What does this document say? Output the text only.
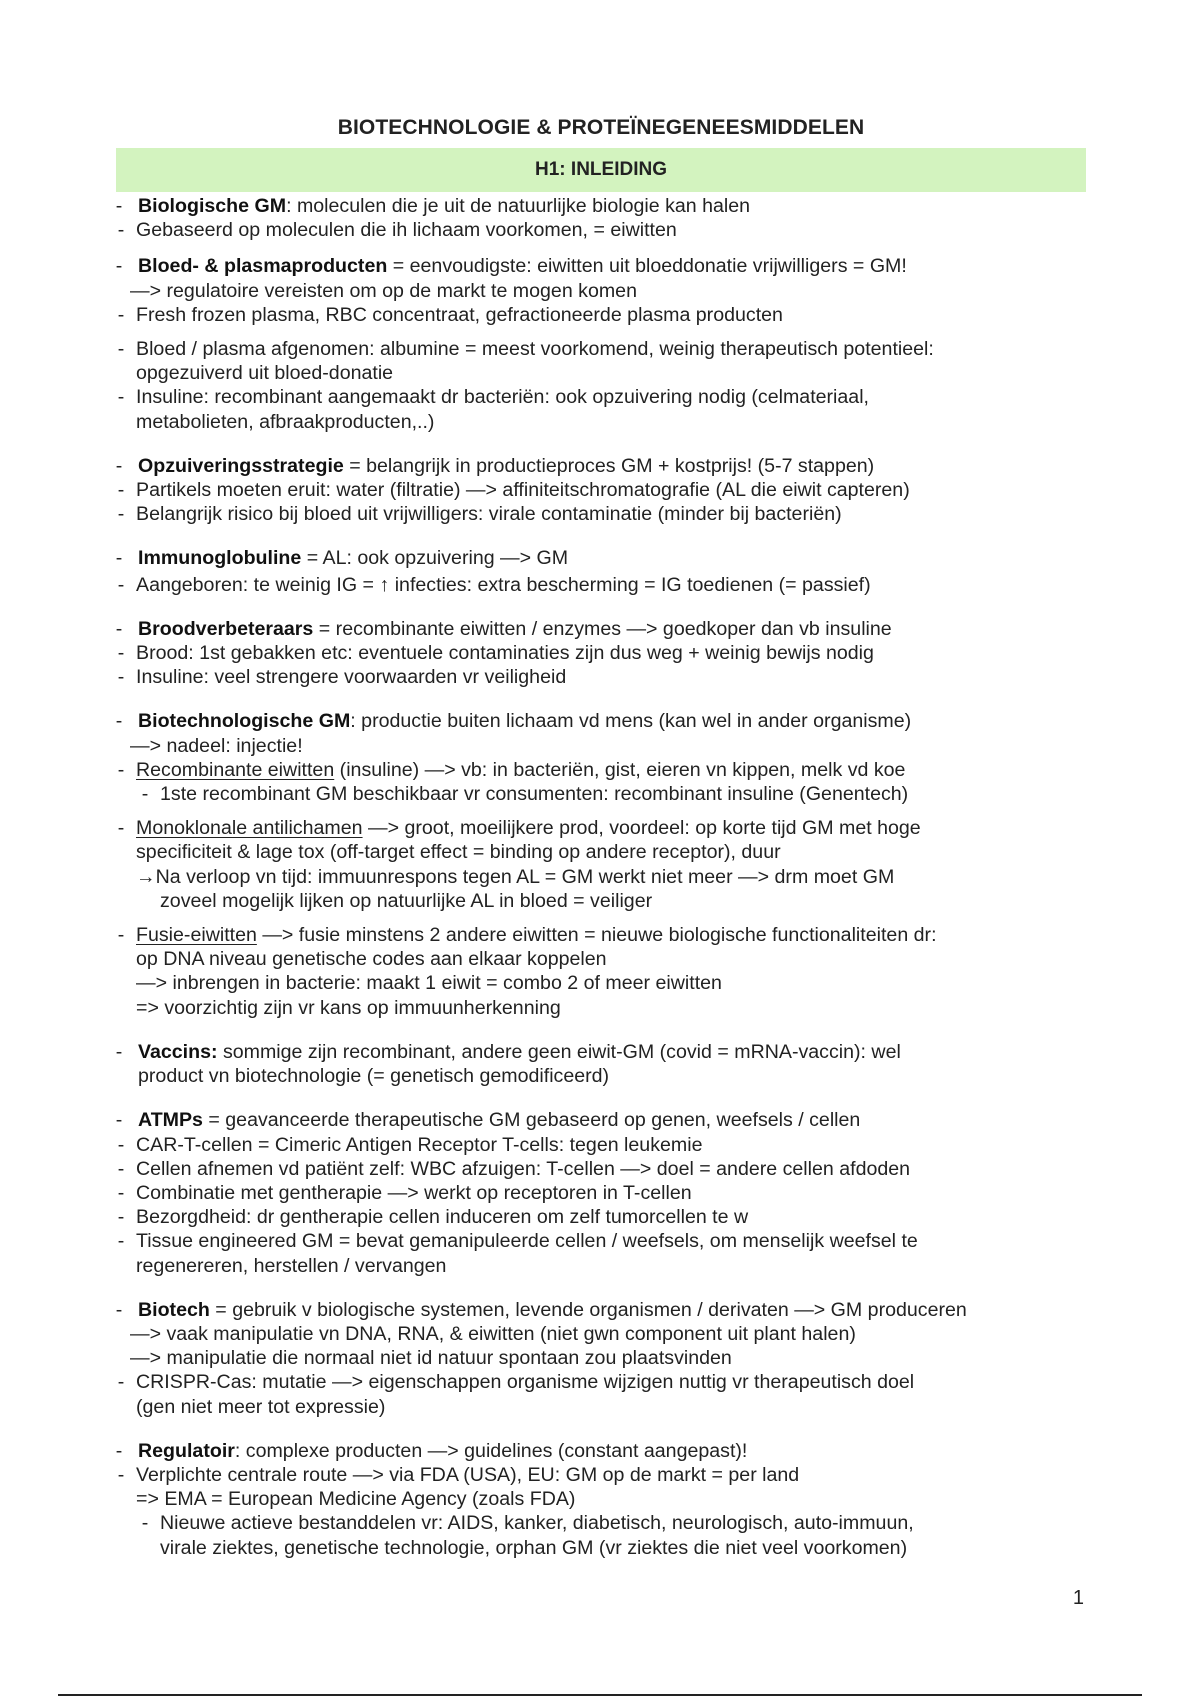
BIOTECHNOLOGIE & PROTEÏNEGENEESMIDDELEN
H1: INLEIDING
- Biologische GM: moleculen die je uit de natuurlijke biologie kan halen
- Gebaseerd op moleculen die ih lichaam voorkomen, = eiwitten
- Bloed- & plasmaproducten = eenvoudigste: eiwitten uit bloeddonatie vrijwilligers = GM!
—> regulatoire vereisten om op de markt te mogen komen
- Fresh frozen plasma, RBC concentraat, gefractioneerde plasma producten
- Bloed / plasma afgenomen: albumine = meest voorkomend, weinig therapeutisch potentieel:
opgezuiverd uit bloed-donatie
- Insuline: recombinant aangemaakt dr bacteriën: ook opzuivering nodig (celmateriaal,
metabolieten, afbraakproducten,..)
- Opzuiveringsstrategie = belangrijk in productieproces GM + kostprijs! (5-7 stappen)
- Partikels moeten eruit: water (filtratie) —> affiniteitschromatografie (AL die eiwit capteren)
- Belangrijk risico bij bloed uit vrijwilligers: virale contaminatie (minder bij bacteriën)
- Immunoglobuline = AL: ook opzuivering —> GM
- Aangeboren: te weinig IG = ↑ infecties: extra bescherming = IG toedienen (= passief)
- Broodverbeteraars = recombinante eiwitten / enzymes —> goedkoper dan vb insuline
- Brood: 1st gebakken etc: eventuele contaminaties zijn dus weg + weinig bewijs nodig
- Insuline: veel strengere voorwaarden vr veiligheid
- Biotechnologische GM: productie buiten lichaam vd mens (kan wel in ander organisme)
—> nadeel: injectie!
- Recombinante eiwitten (insuline) —> vb: in bacteriën, gist, eieren vn kippen, melk vd koe
- 1ste recombinant GM beschikbaar vr consumenten: recombinant insuline (Genentech)
- Monoklonale antilichamen —> groot, moeilijkere prod, voordeel: op korte tijd GM met hoge
specificiteit & lage tox (off-target effect = binding op andere receptor), duur
→Na verloop vn tijd: immuunrespons tegen AL = GM werkt niet meer —> drm moet GM
zoveel mogelijk lijken op natuurlijke AL in bloed = veiliger
- Fusie-eiwitten —> fusie minstens 2 andere eiwitten = nieuwe biologische functionaliteiten dr:
op DNA niveau genetische codes aan elkaar koppelen
—> inbrengen in bacterie: maakt 1 eiwit = combo 2 of meer eiwitten
=> voorzichtig zijn vr kans op immuunherkenning
- Vaccins: sommige zijn recombinant, andere geen eiwit-GM (covid = mRNA-vaccin): wel
product vn biotechnologie (= genetisch gemodificeerd)
- ATMPs = geavanceerde therapeutische GM gebaseerd op genen, weefsels / cellen
- CAR-T-cellen = Cimeric Antigen Receptor T-cells: tegen leukemie
- Cellen afnemen vd patiënt zelf: WBC afzuigen: T-cellen —> doel = andere cellen afdoden
- Combinatie met gentherapie —> werkt op receptoren in T-cellen
- Bezorgdheid: dr gentherapie cellen induceren om zelf tumorcellen te w
- Tissue engineered GM = bevat gemanipuleerde cellen / weefsels, om menselijk weefsel te
regenereren, herstellen / vervangen
- Biotech = gebruik v biologische systemen, levende organismen / derivaten —> GM produceren
—> vaak manipulatie vn DNA, RNA, & eiwitten (niet gwn component uit plant halen)
—> manipulatie die normaal niet id natuur spontaan zou plaatsvinden
- CRISPR-Cas: mutatie —> eigenschappen organisme wijzigen nuttig vr therapeutisch doel
(gen niet meer tot expressie)
- Regulatoir: complexe producten —> guidelines (constant aangepast)!
- Verplichte centrale route —> via FDA (USA), EU: GM op de markt = per land
=> EMA = European Medicine Agency (zoals FDA)
- Nieuwe actieve bestanddelen vr: AIDS, kanker, diabetisch, neurologisch, auto-immuun,
virale ziektes, genetische technologie, orphan GM (vr ziektes die niet veel voorkomen)
1
